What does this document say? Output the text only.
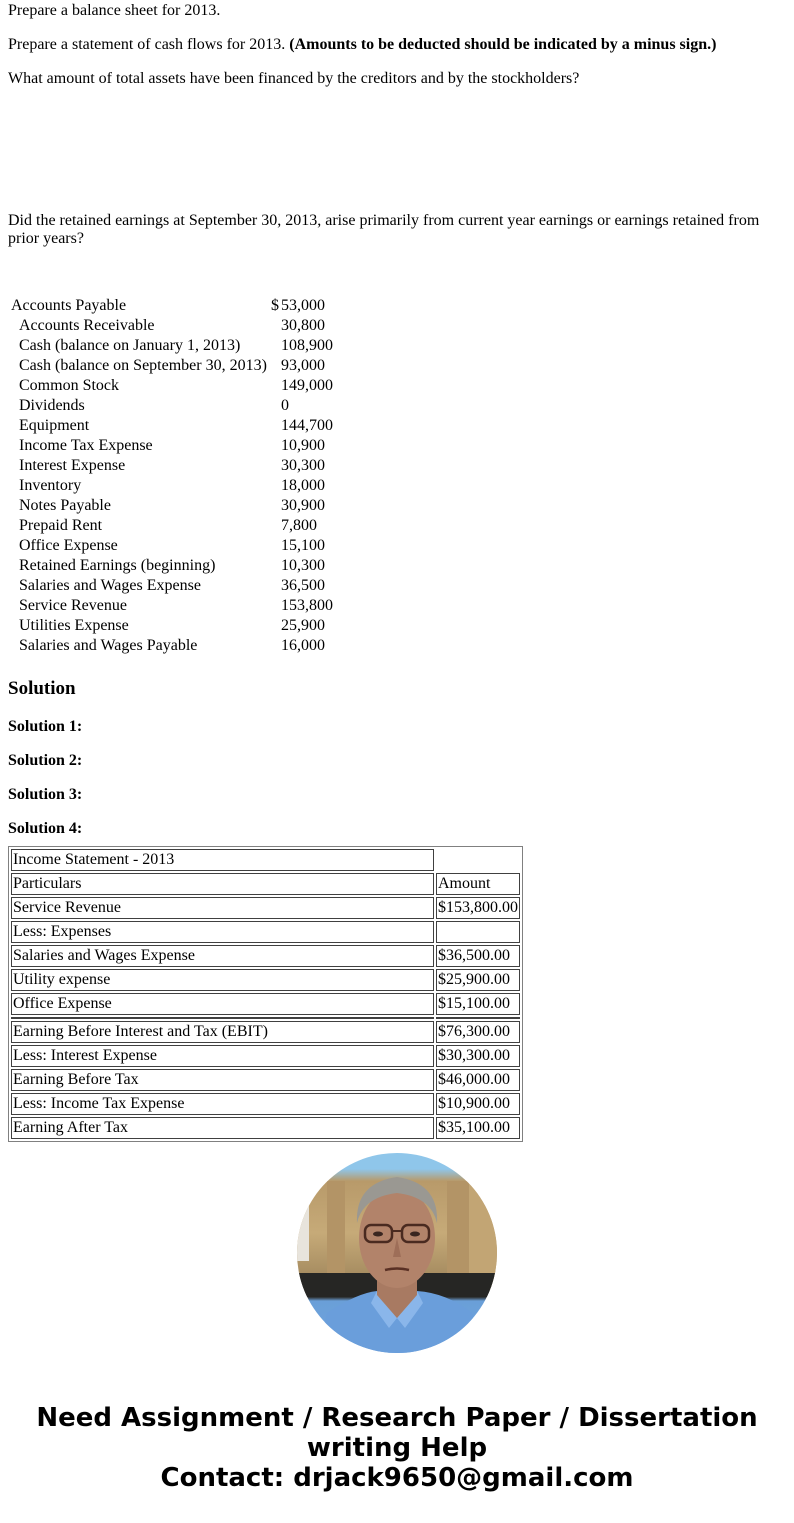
Prepare a balance sheet for 2013.

Prepare a statement of cash flows for 2013. (Amounts to be deducted should be indicated by a minus sign.)

What amount of total assets have been financed by the creditors and by the stockholders?

Did the retained earnings at September 30, 2013, arise primarily from current year earnings or earnings retained from prior years?

Accounts Payable	$	53,000
Accounts Receivable		30,800
Cash (balance on January 1, 2013)		108,900
Cash (balance on September 30, 2013)		93,000
Common Stock		149,000
Dividends		0
Equipment		144,700
Income Tax Expense		10,900
Interest Expense		30,300
Inventory		18,000
Notes Payable		30,900
Prepaid Rent		7,800
Office Expense		15,100
Retained Earnings (beginning)		10,300
Salaries and Wages Expense		36,500
Service Revenue		153,800
Utilities Expense		25,900
Salaries and Wages Payable		16,000
Solution
Solution 1:
Solution 2:
Solution 3:
Solution 4:
Income Statement - 2013	
Particulars	Amount
Service Revenue	$153,800.00
Less: Expenses	
Salaries and Wages Expense	$36,500.00
Utility expense	$25,900.00
Office Expense	$15,100.00

Earning Before Interest and Tax (EBIT)	$76,300.00
Less: Interest Expense	$30,300.00
Earning Before Tax	$46,000.00
Less: Income Tax Expense	$10,900.00
Earning After Tax	$35,100.00
Need Assignment / Research Paper / Dissertation
writing Help
Contact: drjack9650@gmail.com
